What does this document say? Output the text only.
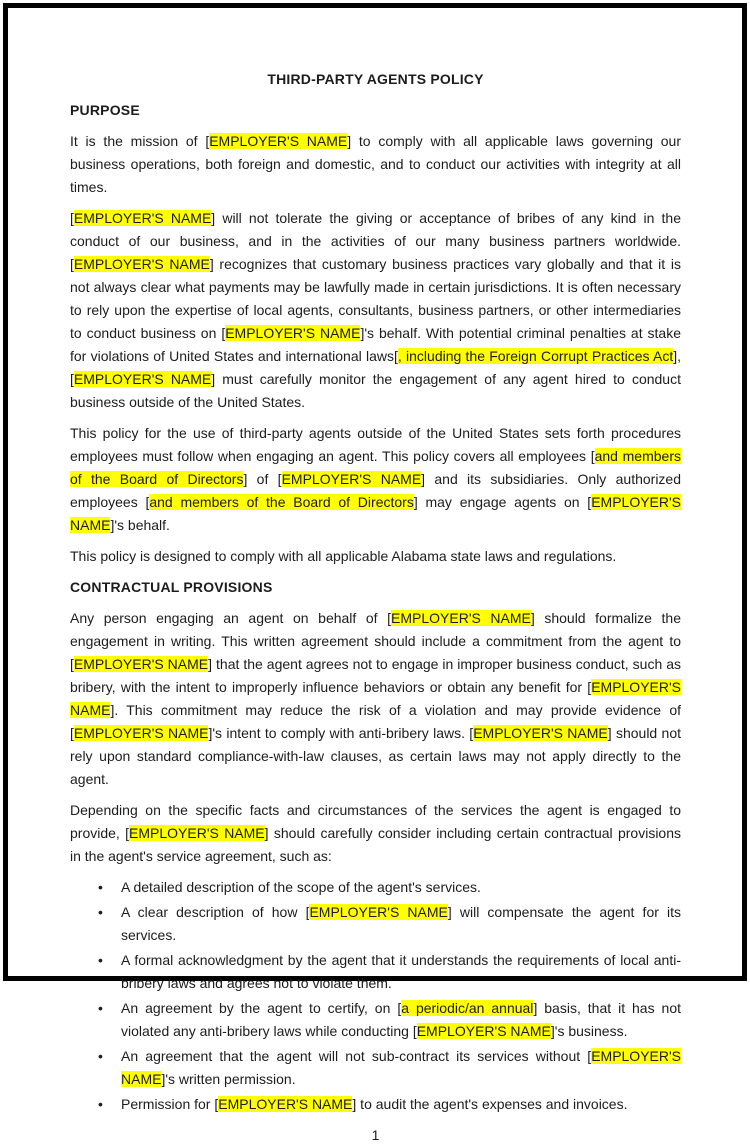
THIRD-PARTY AGENTS POLICY
PURPOSE

It is the mission of [EMPLOYER'S NAME] to comply with all applicable laws governing our business operations, both foreign and domestic, and to conduct our activities with integrity at all times.

[EMPLOYER'S NAME] will not tolerate the giving or acceptance of bribes of any kind in the conduct of our business, and in the activities of our many business partners worldwide. [EMPLOYER'S NAME] recognizes that customary business practices vary globally and that it is not always clear what payments may be lawfully made in certain jurisdictions. It is often necessary to rely upon the expertise of local agents, consultants, business partners, or other intermediaries to conduct business on [EMPLOYER'S NAME]'s behalf. With potential criminal penalties at stake for violations of United States and international laws[, including the Foreign Corrupt Practices Act], [EMPLOYER'S NAME] must carefully monitor the engagement of any agent hired to conduct business outside of the United States.

This policy for the use of third-party agents outside of the United States sets forth procedures employees must follow when engaging an agent. This policy covers all employees [and members of the Board of Directors] of [EMPLOYER'S NAME] and its subsidiaries. Only authorized employees [and members of the Board of Directors] may engage agents on [EMPLOYER'S NAME]'s behalf.

This policy is designed to comply with all applicable Alabama state laws and regulations.

CONTRACTUAL PROVISIONS

Any person engaging an agent on behalf of [EMPLOYER'S NAME] should formalize the engagement in writing. This written agreement should include a commitment from the agent to [EMPLOYER'S NAME] that the agent agrees not to engage in improper business conduct, such as bribery, with the intent to improperly influence behaviors or obtain any benefit for [EMPLOYER'S NAME]. This commitment may reduce the risk of a violation and may provide evidence of [EMPLOYER'S NAME]'s intent to comply with anti-bribery laws. [EMPLOYER'S NAME] should not rely upon standard compliance-with-law clauses, as certain laws may not apply directly to the agent.

Depending on the specific facts and circumstances of the services the agent is engaged to provide, [EMPLOYER'S NAME] should carefully consider including certain contractual provisions in the agent's service agreement, such as:

•	A detailed description of the scope of the agent's services.
•	A clear description of how [EMPLOYER'S NAME] will compensate the agent for its services.
•	A formal acknowledgment by the agent that it understands the requirements of local anti-bribery laws and agrees not to violate them.
•	An agreement by the agent to certify, on [a periodic/an annual] basis, that it has not violated any anti-bribery laws while conducting [EMPLOYER'S NAME]'s business.
•	An agreement that the agent will not sub-contract its services without [EMPLOYER'S NAME]'s written permission.
•	Permission for [EMPLOYER'S NAME] to audit the agent's expenses and invoices.
1
